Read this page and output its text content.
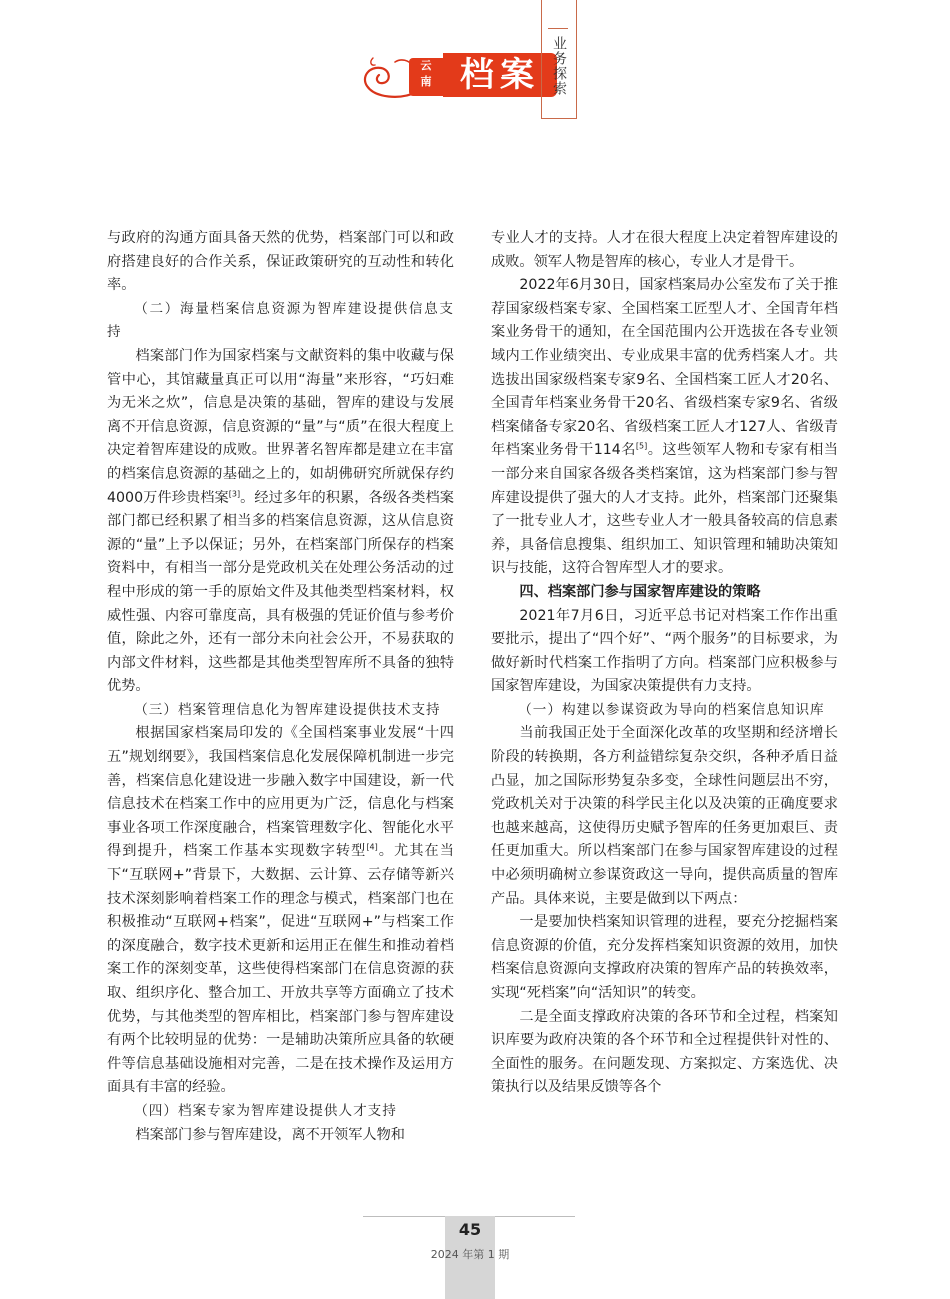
云
南 档案 业务探索

与政府的沟通方面具备天然的优势，档案部门可以和政府搭建良好的合作关系，保证政策研究的互动性和转化率。

（二）海量档案信息资源为智库建设提供信息支持

档案部门作为国家档案与文献资料的集中收藏与保管中心，其馆藏量真正可以用“海量”来形容，“巧妇难为无米之炊”，信息是决策的基础，智库的建设与发展离不开信息资源，信息资源的“量”与“质”在很大程度上决定着智库建设的成败。世界著名智库都是建立在丰富的档案信息资源的基础之上的，如胡佛研究所就保存约4000万件珍贵档案[3]。经过多年的积累，各级各类档案部门都已经积累了相当多的档案信息资源，这从信息资源的“量”上予以保证；另外，在档案部门所保存的档案资料中，有相当一部分是党政机关在处理公务活动的过程中形成的第一手的原始文件及其他类型档案材料，权威性强、内容可靠度高，具有极强的凭证价值与参考价值，除此之外，还有一部分未向社会公开，不易获取的内部文件材料，这些都是其他类型智库所不具备的独特优势。

（三）档案管理信息化为智库建设提供技术支持

根据国家档案局印发的《全国档案事业发展“十四五”规划纲要》，我国档案信息化发展保障机制进一步完善，档案信息化建设进一步融入数字中国建设，新一代信息技术在档案工作中的应用更为广泛，信息化与档案事业各项工作深度融合，档案管理数字化、智能化水平得到提升，档案工作基本实现数字转型[4]。尤其在当下“互联网+”背景下，大数据、云计算、云存储等新兴技术深刻影响着档案工作的理念与模式，档案部门也在积极推动“互联网+档案”，促进“互联网+”与档案工作的深度融合，数字技术更新和运用正在催生和推动着档案工作的深刻变革，这些使得档案部门在信息资源的获取、组织序化、整合加工、开放共享等方面确立了技术优势，与其他类型的智库相比，档案部门参与智库建设有两个比较明显的优势：一是辅助决策所应具备的软硬件等信息基础设施相对完善，二是在技术操作及运用方面具有丰富的经验。

（四）档案专家为智库建设提供人才支持

档案部门参与智库建设，离不开领军人物和

专业人才的支持。人才在很大程度上决定着智库建设的成败。领军人物是智库的核心，专业人才是骨干。

2022年6月30日，国家档案局办公室发布了关于推荐国家级档案专家、全国档案工匠型人才、全国青年档案业务骨干的通知，在全国范围内公开选拔在各专业领域内工作业绩突出、专业成果丰富的优秀档案人才。共选拔出国家级档案专家9名、全国档案工匠人才20名、全国青年档案业务骨干20名、省级档案专家9名、省级档案储备专家20名、省级档案工匠人才127人、省级青年档案业务骨干114名[5]。这些领军人物和专家有相当一部分来自国家各级各类档案馆，这为档案部门参与智库建设提供了强大的人才支持。此外，档案部门还聚集了一批专业人才，这些专业人才一般具备较高的信息素养，具备信息搜集、组织加工、知识管理和辅助决策知识与技能，这符合智库型人才的要求。

四、档案部门参与国家智库建设的策略

2021年7月6日，习近平总书记对档案工作作出重要批示，提出了“四个好”、“两个服务”的目标要求，为做好新时代档案工作指明了方向。档案部门应积极参与国家智库建设，为国家决策提供有力支持。

（一）构建以参谋资政为导向的档案信息知识库

当前我国正处于全面深化改革的攻坚期和经济增长阶段的转换期，各方利益错综复杂交织，各种矛盾日益凸显，加之国际形势复杂多变，全球性问题层出不穷，党政机关对于决策的科学民主化以及决策的正确度要求也越来越高，这使得历史赋予智库的任务更加艰巨、责任更加重大。所以档案部门在参与国家智库建设的过程中必须明确树立参谋资政这一导向，提供高质量的智库产品。具体来说，主要是做到以下两点：

一是要加快档案知识管理的进程，要充分挖掘档案信息资源的价值，充分发挥档案知识资源的效用，加快档案信息资源向支撑政府决策的智库产品的转换效率，实现“死档案”向“活知识”的转变。

二是全面支撑政府决策的各环节和全过程，档案知识库要为政府决策的各个环节和全过程提供针对性的、全面性的服务。在问题发现、方案拟定、方案选优、决策执行以及结果反馈等各个

45
2024 年第 1 期
